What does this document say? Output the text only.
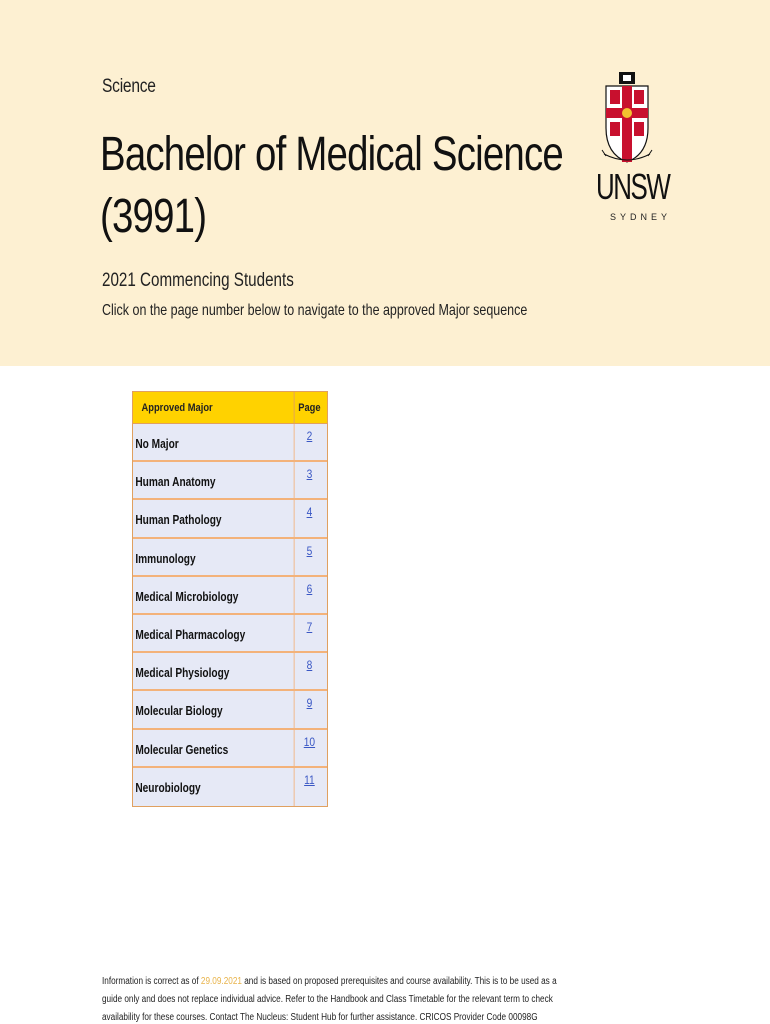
Science
Bachelor of Medical Science
(3991)
2021 Commencing Students
Click on the page number below to navigate to the approved Major sequence
UNSW
SYDNEY
Approved Major	Page
No Major	2
Human Anatomy	3
Human Pathology	4
Immunology	5
Medical Microbiology	6
Medical Pharmacology	7
Medical Physiology	8
Molecular Biology	9
Molecular Genetics	10
Neurobiology	11
Information is correct as of 29.09.2021 and is based on proposed prerequisites and course availability. This is to be used as a guide only and does not replace individual advice. Refer to the Handbook and Class Timetable for the relevant term to check availability for these courses. Contact The Nucleus: Student Hub for further assistance. CRICOS Provider Code 00098G
